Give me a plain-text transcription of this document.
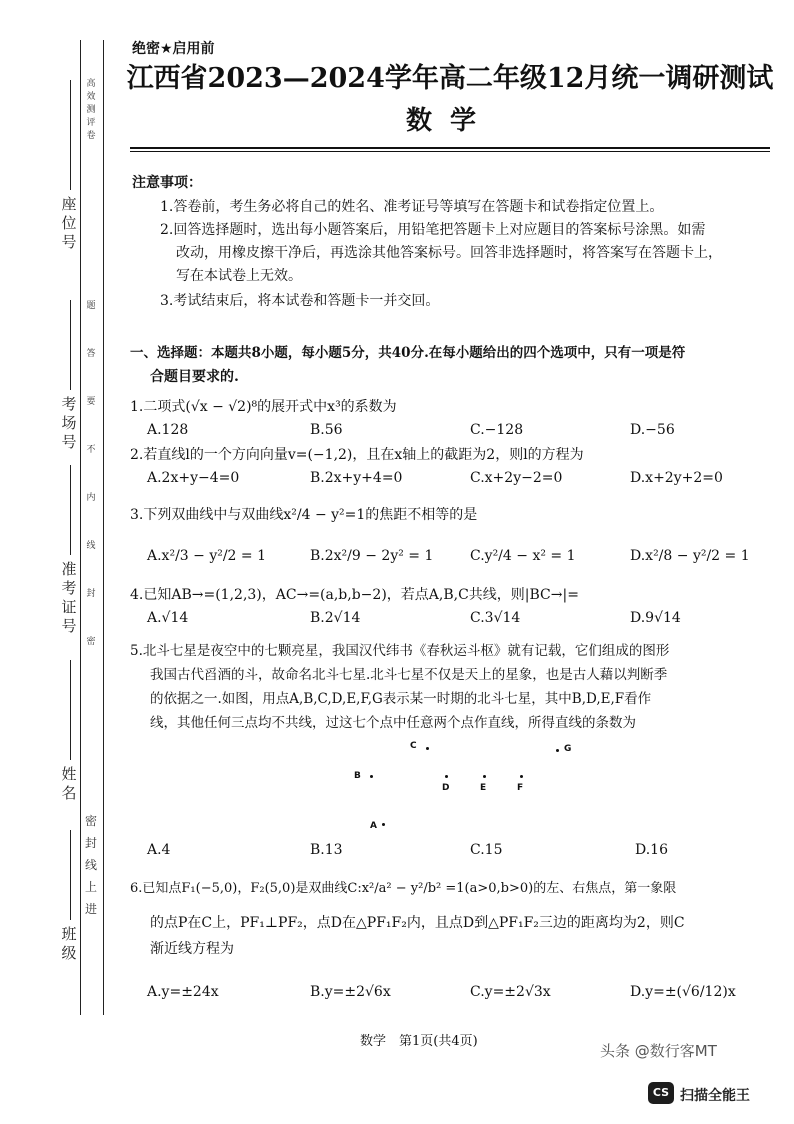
高
效
测
评
卷
题
答
要
不
内
线
封
密
密
封
线
上
进
座
位
号
考
场
号
准
考
证
号
姓
名
班
级
绝密★启用前
江西省2023—2024学年高二年级12月统一调研测试
数学
注意事项：
1.答卷前，考生务必将自己的姓名、准考证号等填写在答题卡和试卷指定位置上。
2.回答选择题时，选出每小题答案后，用铅笔把答题卡上对应题目的答案标号涂黑。如需
改动，用橡皮擦干净后，再选涂其他答案标号。回答非选择题时，将答案写在答题卡上，
写在本试卷上无效。
3.考试结束后，将本试卷和答题卡一并交回。
一、选择题：本题共8小题，每小题5分，共40分.在每小题给出的四个选项中，只有一项是符
合题目要求的.
1.二项式(√x − √2)⁸的展开式中x³的系数为
A.128	B.56	C.−128	D.−56
2.若直线l的一个方向向量v=(−1,2)，且在x轴上的截距为2，则l的方程为
A.2x+y−4=0	B.2x+y+4=0	C.x+2y−2=0	D.x+2y+2=0
3.下列双曲线中与双曲线x²/4 − y²=1的焦距不相等的是
A.x²/3 − y²/2 = 1	B.2x²/9 − 2y² = 1	C.y²/4 − x² = 1	D.x²/8 − y²/2 = 1
4.已知AB→=(1,2,3)，AC→=(a,b,b−2)，若点A,B,C共线，则|BC→|=
A.√14	B.2√14	C.3√14	D.9√14
5.北斗七星是夜空中的七颗亮星，我国汉代纬书《春秋运斗枢》就有记载，它们组成的图形
我国古代舀酒的斗，故命名北斗七星.北斗七星不仅是天上的星象，也是古人藉以判断季
的依据之一.如图，用点A,B,C,D,E,F,G表示某一时期的北斗七星，其中B,D,E,F看作
线，其他任何三点均不共线，过这七个点中任意两个点作直线，所得直线的条数为
C	G
B
D	E	F
A
A.4	B.13	C.15	D.16
6.已知点F₁(−5,0)，F₂(5,0)是双曲线C:x²/a² − y²/b² =1(a>0,b>0)的左、右焦点，第一象限
的点P在C上，PF₁⊥PF₂，点D在△PF₁F₂内，且点D到△PF₁F₂三边的距离均为2，则C
渐近线方程为
A.y=±24x	B.y=±2√6x	C.y=±2√3x	D.y=±(√6/12)x
数学　第1页(共4页)
头条 @数行客MT
CS 扫描全能王
